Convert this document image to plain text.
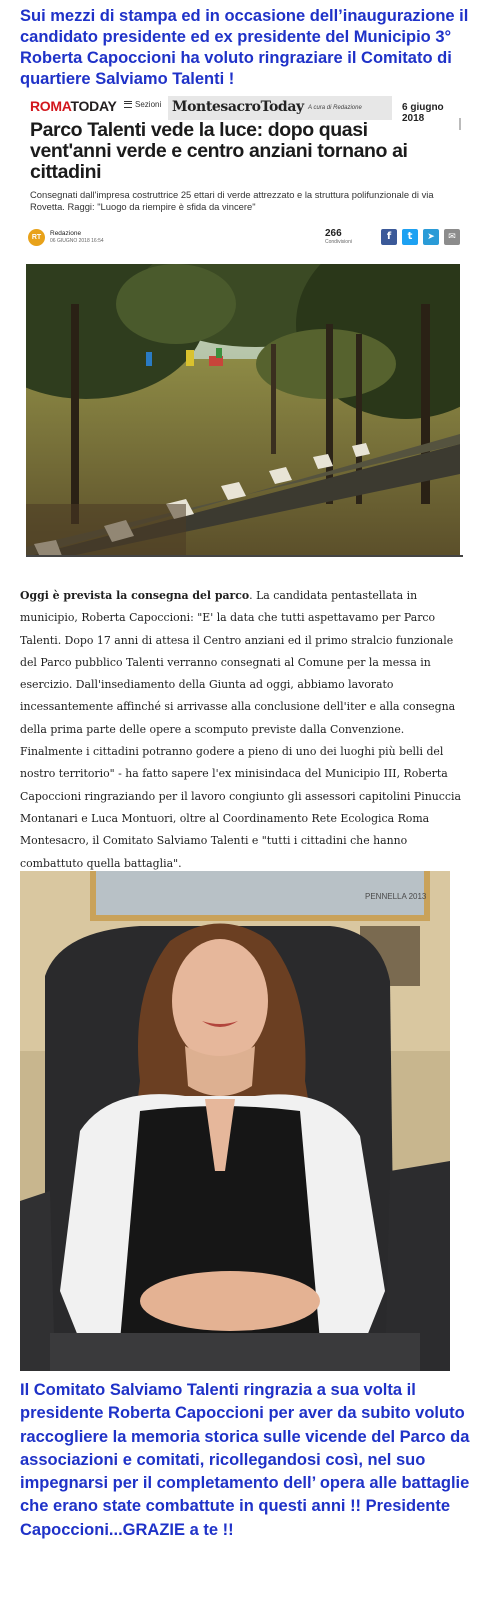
Sui mezzi di stampa ed in occasione dell’inaugurazione il candidato presidente ed ex presidente del Municipio 3° Roberta Capoccioni ha voluto ringraziare il Comitato di quartiere Salviamo Talenti !
ROMATODAY Sezioni MontesacroToday A cura di Redazione	6 giugno 2018
Parco Talenti vede la luce: dopo quasi vent'anni verde e centro anziani tornano ai cittadini
Consegnati dall'impresa costruttrice 25 ettari di verde attrezzato e la struttura polifunzionale di via Rovetta. Raggi: "Luogo da riempire è sfida da vincere"
RT
Redazione
06 GIUGNO 2018 16:54
266
Condivisioni	f	t	➤	✉
Oggi è prevista la consegna del parco. La candidata pentastellata in municipio, Roberta Capoccioni: "E' la data che tutti aspettavamo per Parco Talenti. Dopo 17 anni di attesa il Centro anziani ed il primo stralcio funzionale del Parco pubblico Talenti verranno consegnati al Comune per la messa in esercizio. Dall'insediamento della Giunta ad oggi, abbiamo lavorato incessantemente affinché si arrivasse alla conclusione dell'iter e alla consegna della prima parte delle opere a scomputo previste dalla Convenzione. Finalmente i cittadini potranno godere a pieno di uno dei luoghi più belli del nostro territorio" - ha fatto sapere l'ex minisindaca del Municipio III, Roberta Capoccioni ringraziando per il lavoro congiunto gli assessori capitolini Pinuccia Montanari e Luca Montuori, oltre al Coordinamento Rete Ecologica Roma Montesacro, il Comitato Salviamo Talenti e "tutti i cittadini che hanno combattuto quella battaglia".
PENNELLA 2013
Il Comitato Salviamo Talenti ringrazia a sua volta il presidente Roberta Capoccioni per aver da subito voluto raccogliere la memoria storica sulle vicende del Parco da associazioni e comitati, ricollegandosi così, nel suo impegnarsi per il completamento dell’ opera alle battaglie che erano state combattute in questi anni !! Presidente Capoccioni...GRAZIE a te !!
